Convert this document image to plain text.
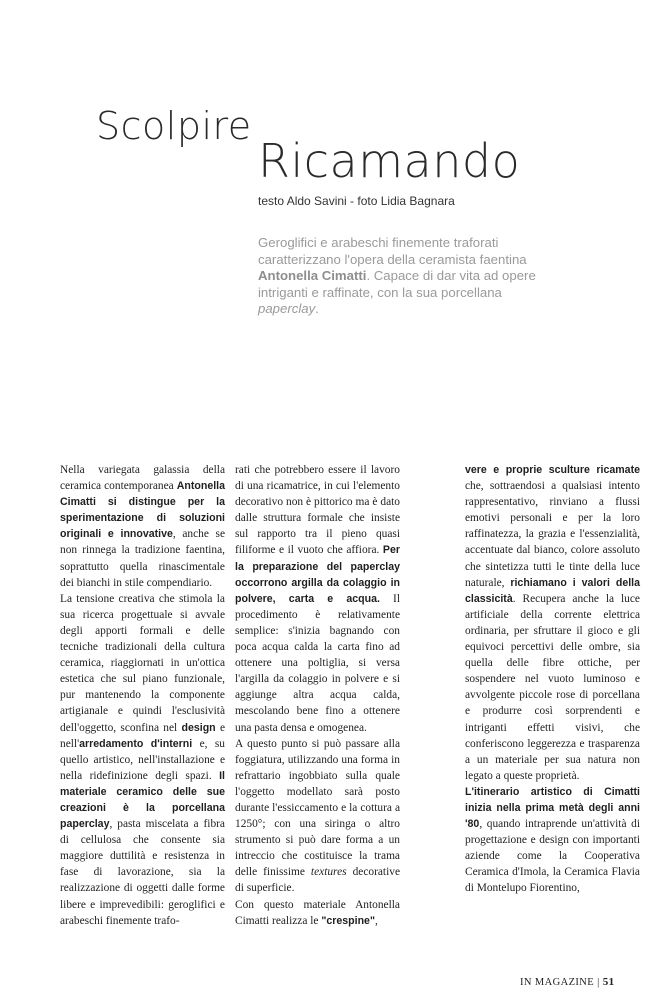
Scolpire
Ricamando
testo Aldo Savini - foto Lidia Bagnara

Geroglifici e arabeschi finemente traforati caratterizzano l'opera della ceramista faentina Antonella Cimatti. Capace di dar vita ad opere intriganti e raffinate, con la sua porcellana paperclay.

Nella variegata galassia della ceramica contemporanea Antonella Cimatti si distingue per la sperimentazione di soluzioni originali e innovative, anche se non rinnega la tradizione faentina, soprattutto quella rinascimentale dei bianchi in stile compendiario.

La tensione creativa che stimola la sua ricerca progettuale si avvale degli apporti formali e delle tecniche tradizionali della cultura ceramica, riaggiornati in un'ottica estetica che sul piano funzionale, pur mantenendo la componente artigianale e quindi l'esclusività dell'oggetto, sconfina nel design e nell'arredamento d'interni e, su quello artistico, nell'installazione e nella ridefinizione degli spazi. Il materiale ceramico delle sue creazioni è la porcellana paperclay, pasta miscelata a fibra di cellulosa che consente sia maggiore duttilità e resistenza in fase di lavorazione, sia la realizzazione di oggetti dalle forme libere e imprevedibili: geroglifici e arabeschi finemente trafo-

rati che potrebbero essere il lavoro di una ricamatrice, in cui l'elemento decorativo non è pittorico ma è dato dalle struttura formale che insiste sul rapporto tra il pieno quasi filiforme e il vuoto che affiora. Per la preparazione del paperclay occorrono argilla da colaggio in polvere, carta e acqua. Il procedimento è relativamente semplice: s'inizia bagnando con poca acqua calda la carta fino ad ottenere una poltiglia, si versa l'argilla da colaggio in polvere e si aggiunge altra acqua calda, mescolando bene fino a ottenere una pasta densa e omogenea.

A questo punto si può passare alla foggiatura, utilizzando una forma in refrattario ingobbiato sulla quale l'oggetto modellato sarà posto durante l'essiccamento e la cottura a 1250°; con una siringa o altro strumento si può dare forma a un intreccio che costituisce la trama delle finissime textures decorative di superficie.

Con questo materiale Antonella Cimatti realizza le "crespine",

vere e proprie sculture ricamate che, sottraendosi a qualsiasi intento rappresentativo, rinviano a flussi emotivi personali e per la loro raffinatezza, la grazia e l'essenzialità, accentuate dal bianco, colore assoluto che sintetizza tutti le tinte della luce naturale, richiamano i valori della classicità. Recupera anche la luce artificiale della corrente elettrica ordinaria, per sfruttare il gioco e gli equivoci percettivi delle ombre, sia quella delle fibre ottiche, per sospendere nel vuoto luminoso e avvolgente piccole rose di porcellana e produrre così sorprendenti e intriganti effetti visivi, che conferiscono leggerezza e trasparenza a un materiale per sua natura non legato a queste proprietà.

L'itinerario artistico di Cimatti inizia nella prima metà degli anni '80, quando intraprende un'attività di progettazione e design con importanti aziende come la Cooperativa Ceramica d'Imola, la Ceramica Flavia di Montelupo Fiorentino,

IN MAGAZINE | 51
